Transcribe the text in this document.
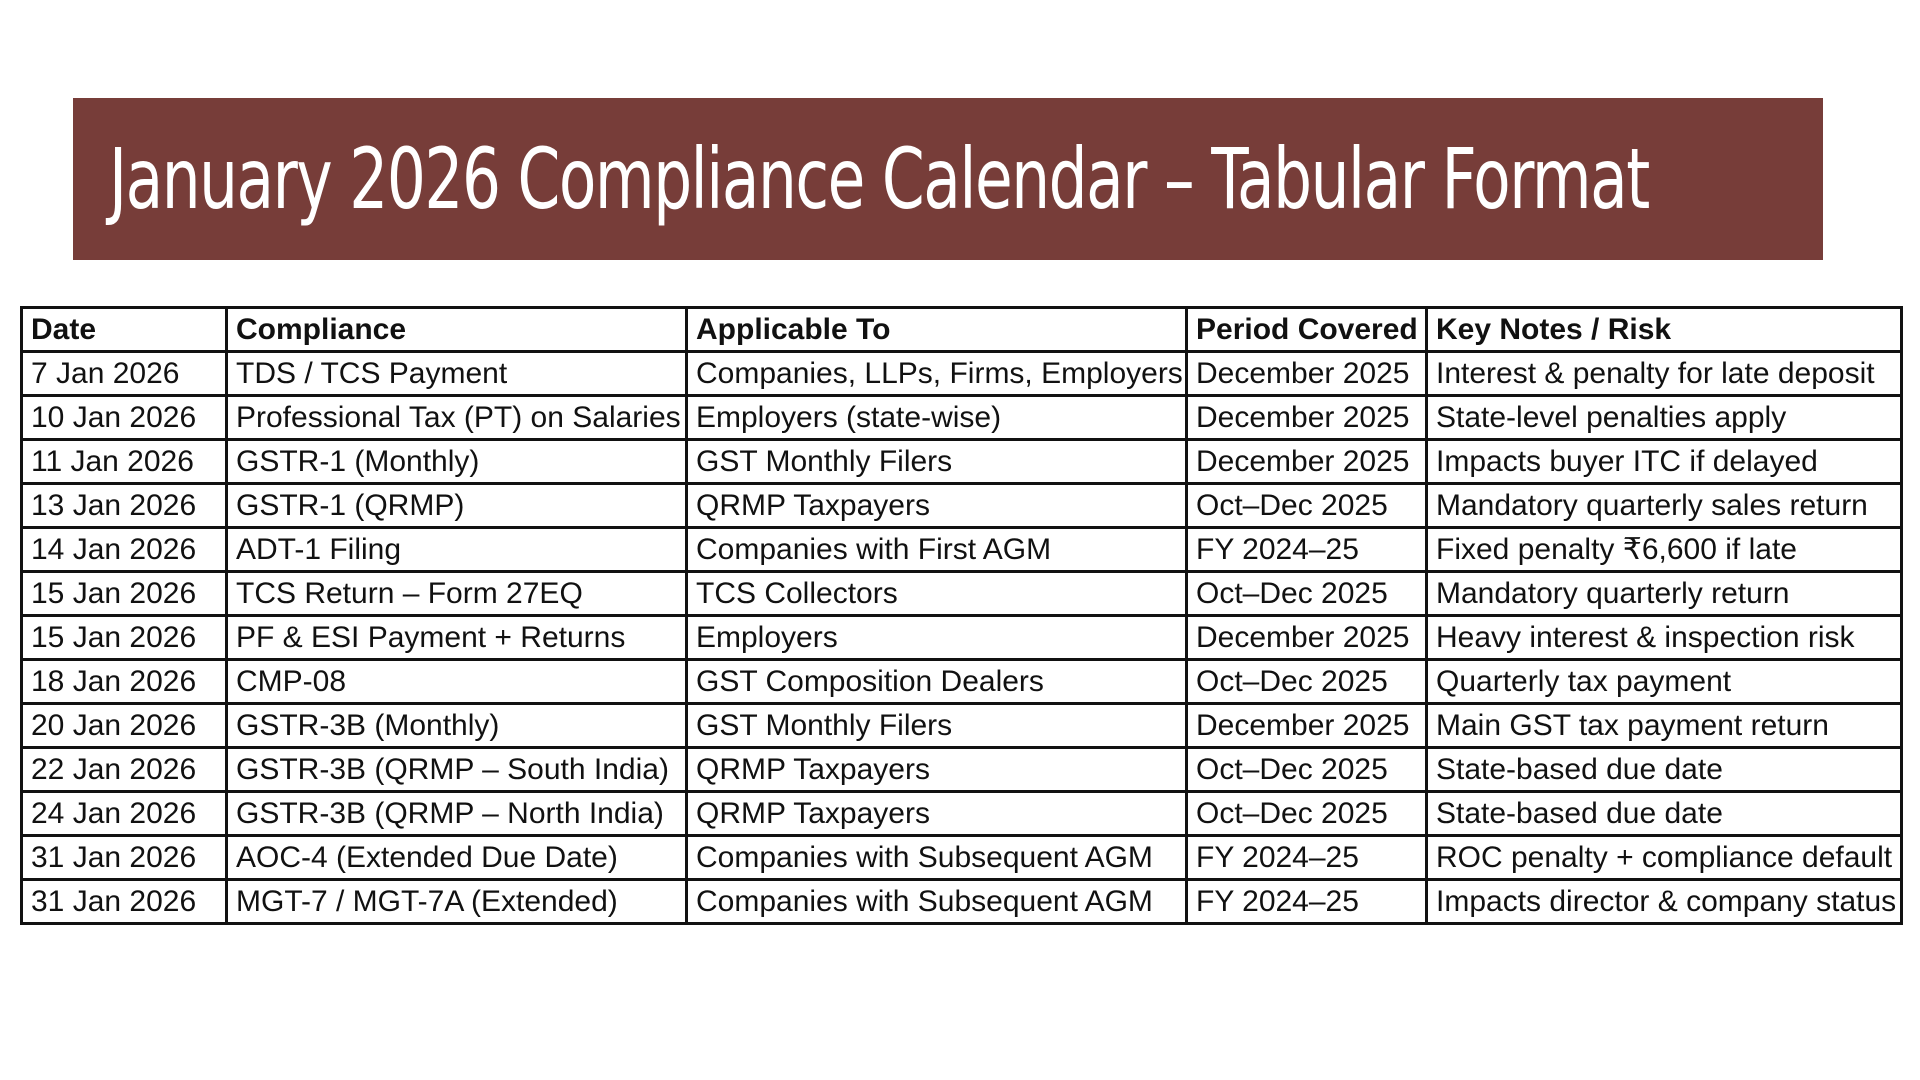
January 2026 Compliance Calendar – Tabular Format
Date	Compliance	Applicable To	Period Covered	Key Notes / Risk
7 Jan 2026	TDS / TCS Payment	Companies, LLPs, Firms, Employers	December 2025	Interest & penalty for late deposit
10 Jan 2026	Professional Tax (PT) on Salaries	Employers (state-wise)	December 2025	State-level penalties apply
11 Jan 2026	GSTR-1 (Monthly)	GST Monthly Filers	December 2025	Impacts buyer ITC if delayed
13 Jan 2026	GSTR-1 (QRMP)	QRMP Taxpayers	Oct–Dec 2025	Mandatory quarterly sales return
14 Jan 2026	ADT-1 Filing	Companies with First AGM	FY 2024–25	Fixed penalty ₹6,600 if late
15 Jan 2026	TCS Return – Form 27EQ	TCS Collectors	Oct–Dec 2025	Mandatory quarterly return
15 Jan 2026	PF & ESI Payment + Returns	Employers	December 2025	Heavy interest & inspection risk
18 Jan 2026	CMP-08	GST Composition Dealers	Oct–Dec 2025	Quarterly tax payment
20 Jan 2026	GSTR-3B (Monthly)	GST Monthly Filers	December 2025	Main GST tax payment return
22 Jan 2026	GSTR-3B (QRMP – South India)	QRMP Taxpayers	Oct–Dec 2025	State-based due date
24 Jan 2026	GSTR-3B (QRMP – North India)	QRMP Taxpayers	Oct–Dec 2025	State-based due date
31 Jan 2026	AOC-4 (Extended Due Date)	Companies with Subsequent AGM	FY 2024–25	ROC penalty + compliance default
31 Jan 2026	MGT-7 / MGT-7A (Extended)	Companies with Subsequent AGM	FY 2024–25	Impacts director & company status
